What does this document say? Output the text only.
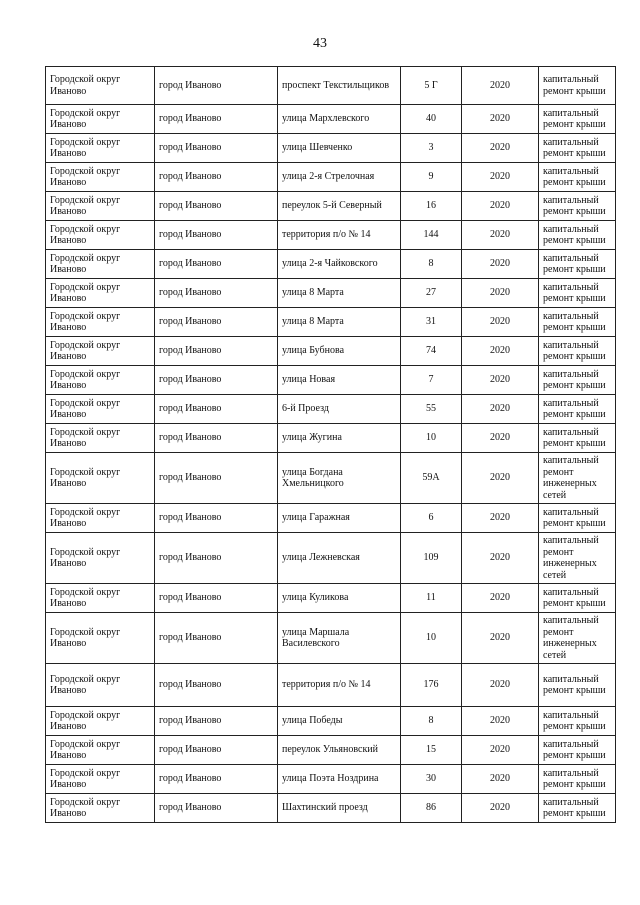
43
Городской округ Иваново	город Иваново	проспект Текстильщиков	5 Г	2020	капитальный ремонт крыши
Городской округ Иваново	город Иваново	улица Мархлевского	40	2020	капитальный ремонт крыши
Городской округ Иваново	город Иваново	улица Шевченко	3	2020	капитальный ремонт крыши
Городской округ Иваново	город Иваново	улица 2-я Стрелочная	9	2020	капитальный ремонт крыши
Городской округ Иваново	город Иваново	переулок 5-й Северный	16	2020	капитальный ремонт крыши
Городской округ Иваново	город Иваново	территория п/о № 14	144	2020	капитальный ремонт крыши
Городской округ Иваново	город Иваново	улица 2-я Чайковского	8	2020	капитальный ремонт крыши
Городской округ Иваново	город Иваново	улица 8 Марта	27	2020	капитальный ремонт крыши
Городской округ Иваново	город Иваново	улица 8 Марта	31	2020	капитальный ремонт крыши
Городской округ Иваново	город Иваново	улица Бубнова	74	2020	капитальный ремонт крыши
Городской округ Иваново	город Иваново	улица Новая	7	2020	капитальный ремонт крыши
Городской округ Иваново	город Иваново	6-й Проезд	55	2020	капитальный ремонт крыши
Городской округ Иваново	город Иваново	улица Жугина	10	2020	капитальный ремонт крыши
Городской округ Иваново	город Иваново	улица Богдана Хмельницкого	59А	2020	капитальный ремонт инженерных сетей
Городской округ Иваново	город Иваново	улица Гаражная	6	2020	капитальный ремонт крыши
Городской округ Иваново	город Иваново	улица Лежневская	109	2020	капитальный ремонт инженерных сетей
Городской округ Иваново	город Иваново	улица Куликова	11	2020	капитальный ремонт крыши
Городской округ Иваново	город Иваново	улица Маршала Василевского	10	2020	капитальный ремонт инженерных сетей
Городской округ Иваново	город Иваново	территория п/о № 14	176	2020	капитальный ремонт крыши
Городской округ Иваново	город Иваново	улица Победы	8	2020	капитальный ремонт крыши
Городской округ Иваново	город Иваново	переулок Ульяновский	15	2020	капитальный ремонт крыши
Городской округ Иваново	город Иваново	улица Поэта Ноздрина	30	2020	капитальный ремонт крыши
Городской округ Иваново	город Иваново	Шахтинский проезд	86	2020	капитальный ремонт крыши
